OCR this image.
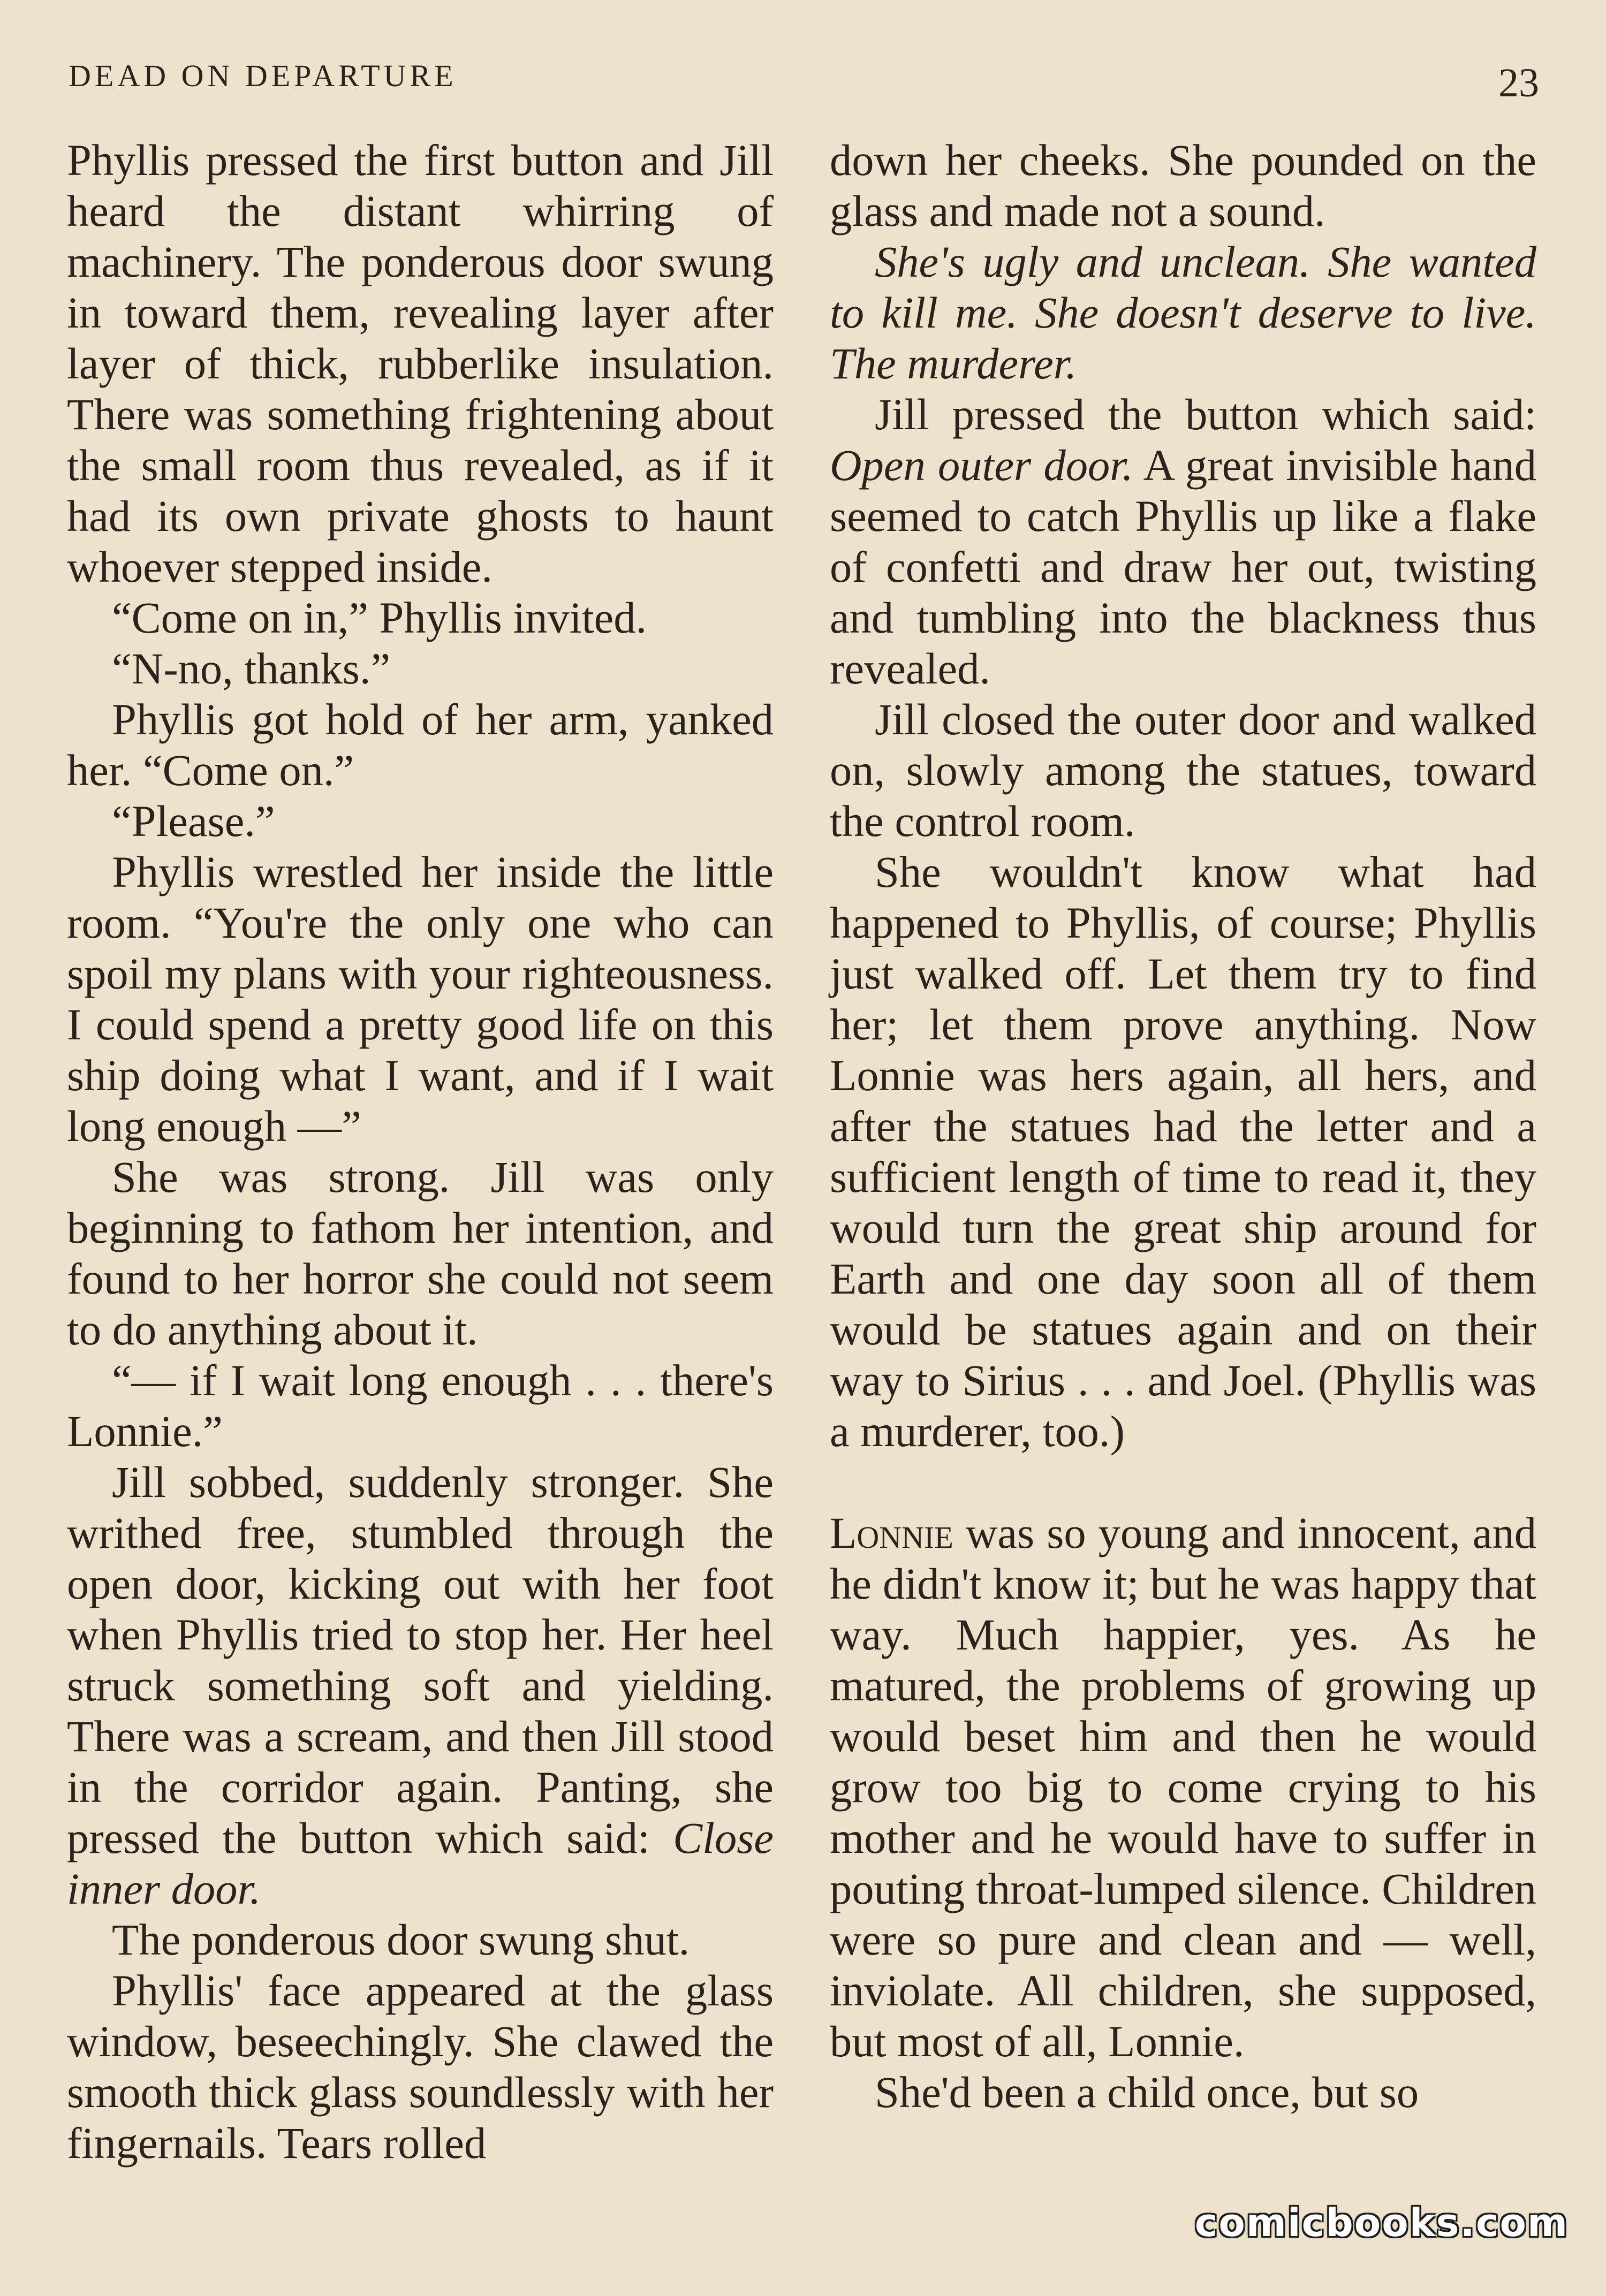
DEAD ON DEPARTURE	23

Phyllis pressed the first button and Jill heard the distant whirring of machinery. The ponderous door swung in toward them, revealing layer after layer of thick, rubberlike insulation. There was something frightening about the small room thus revealed, as if it had its own private ghosts to haunt whoever stepped inside.

“Come on in,” Phyllis invited.

“N-no, thanks.”

Phyllis got hold of her arm, yanked her. “Come on.”

“Please.”

Phyllis wrestled her inside the little room. “You're the only one who can spoil my plans with your righteousness. I could spend a pretty good life on this ship doing what I want, and if I wait long enough —”

She was strong. Jill was only beginning to fathom her intention, and found to her horror she could not seem to do anything about it.

“— if I wait long enough . . . there's Lonnie.”

Jill sobbed, suddenly stronger. She writhed free, stumbled through the open door, kicking out with her foot when Phyllis tried to stop her. Her heel struck something soft and yielding. There was a scream, and then Jill stood in the corridor again. Panting, she pressed the button which said: Close inner door.

The ponderous door swung shut.

Phyllis' face appeared at the glass window, beseechingly. She clawed the smooth thick glass soundlessly with her fingernails. Tears rolled

down her cheeks. She pounded on the glass and made not a sound.

She's ugly and unclean. She wanted to kill me. She doesn't deserve to live. The murderer.

Jill pressed the button which said: Open outer door. A great invisible hand seemed to catch Phyllis up like a flake of confetti and draw her out, twisting and tumbling into the blackness thus revealed.

Jill closed the outer door and walked on, slowly among the statues, toward the control room.

She wouldn't know what had happened to Phyllis, of course; Phyllis just walked off. Let them try to find her; let them prove anything. Now Lonnie was hers again, all hers, and after the statues had the letter and a sufficient length of time to read it, they would turn the great ship around for Earth and one day soon all of them would be statues again and on their way to Sirius . . . and Joel. (Phyllis was a murderer, too.)

Lonnie was so young and innocent, and he didn't know it; but he was happy that way. Much happier, yes. As he matured, the problems of growing up would beset him and then he would grow too big to come crying to his mother and he would have to suffer in pouting throat-lumped silence. Children were so pure and clean and — well, inviolate. All children, she supposed, but most of all, Lonnie.

She'd been a child once, but so

comicbooks.com
